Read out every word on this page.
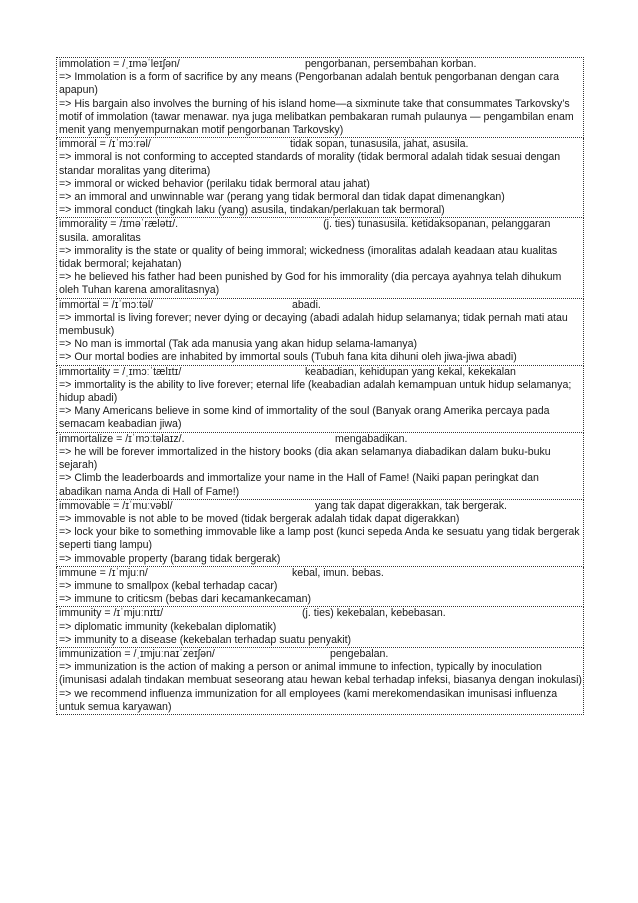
immolation = /ˌɪməˈleɪʃən/	pengorbanan, persembahan korban.
=> Immolation is a form of sacrifice by any means (Pengorbanan adalah bentuk pengorbanan dengan cara apapun)
=> His bargain also involves the burning of his island home—a sixminute take that consummates Tarkovsky’s motif of immolation (tawar menawar. nya juga melibatkan pembakaran rumah pulaunya — pengambilan enam menit yang menyempurnakan motif pengorbanan Tarkovsky)
immoral = /ɪˈmɔːrəl/	tidak sopan, tunasusila, jahat, asusila.
=> immoral is not conforming to accepted standards of morality (tidak bermoral adalah tidak sesuai dengan standar moralitas yang diterima)
=> immoral or wicked behavior (perilaku tidak bermoral atau jahat)
=> an immoral and unwinnable war (perang yang tidak bermoral dan tidak dapat dimenangkan)
=> immoral conduct (tingkah laku (yang) asusila, tindakan/perlakuan tak bermoral)
immorality = /ɪməˈrælətɪ/.	(j. ties) tunasusila. ketidaksopanan, pelanggaran susila. amoralitas
=> immorality is the state or quality of being immoral; wickedness (imoralitas adalah keadaan atau kualitas tidak bermoral; kejahatan)
=> he believed his father had been punished by God for his immorality (dia percaya ayahnya telah dihukum oleh Tuhan karena amoralitasnya)
immortal = /ɪˈmɔːtəl/	abadi.
=> immortal is living forever; never dying or decaying (abadi adalah hidup selamanya; tidak pernah mati atau membusuk)
=> No man is immortal (Tak ada manusia yang akan hidup selama-lamanya)
=> Our mortal bodies are inhabited by immortal souls (Tubuh fana kita dihuni oleh jiwa-jiwa abadi)
immortality = /ˌɪmɔːˈtælɪtɪ/	keabadian, kehidupan yang kekal, kekekalan
=> immortality is the ability to live forever; eternal life (keabadian adalah kemampuan untuk hidup selamanya; hidup abadi)
=> Many Americans believe in some kind of immortality of the soul (Banyak orang Amerika percaya pada semacam keabadian jiwa)
immortalize = /ɪˈmɔːtəlaɪz/.	mengabadikan.
=> he will be forever immortalized in the history books (dia akan selamanya diabadikan dalam buku-buku sejarah)
=> Climb the leaderboards and immortalize your name in the Hall of Fame! (Naiki papan peringkat dan abadikan nama Anda di Hall of Fame!)
immovable = /ɪˈmuːvəbl/	yang tak dapat digerakkan, tak bergerak.
=> immovable is not able to be moved (tidak bergerak adalah tidak dapat digerakkan)
=> lock your bike to something immovable like a lamp post (kunci sepeda Anda ke sesuatu yang tidak bergerak seperti tiang lampu)
=> immovable property (barang tidak bergerak)
immune = /ɪˈmjuːn/	kebal, imun. bebas.
=> immune to smallpox (kebal terhadap cacar)
=> immune to criticsm (bebas dari kecamankecaman)
immunity = /ɪˈmjuːnɪtɪ/	(j. ties) kekebalan, kebebasan.
=> diplomatic immunity (kekebalan diplomatik)
=> immunity to a disease (kekebalan terhadap suatu penyakit)
immunization = /ˌɪmjuːnaɪˈzeɪʃən/	pengebalan.
=> immunization is the action of making a person or animal immune to infection, typically by inoculation (imunisasi adalah tindakan membuat seseorang atau hewan kebal terhadap infeksi, biasanya dengan inokulasi)
=> we recommend influenza immunization for all employees (kami merekomendasikan imunisasi influenza untuk semua karyawan)
